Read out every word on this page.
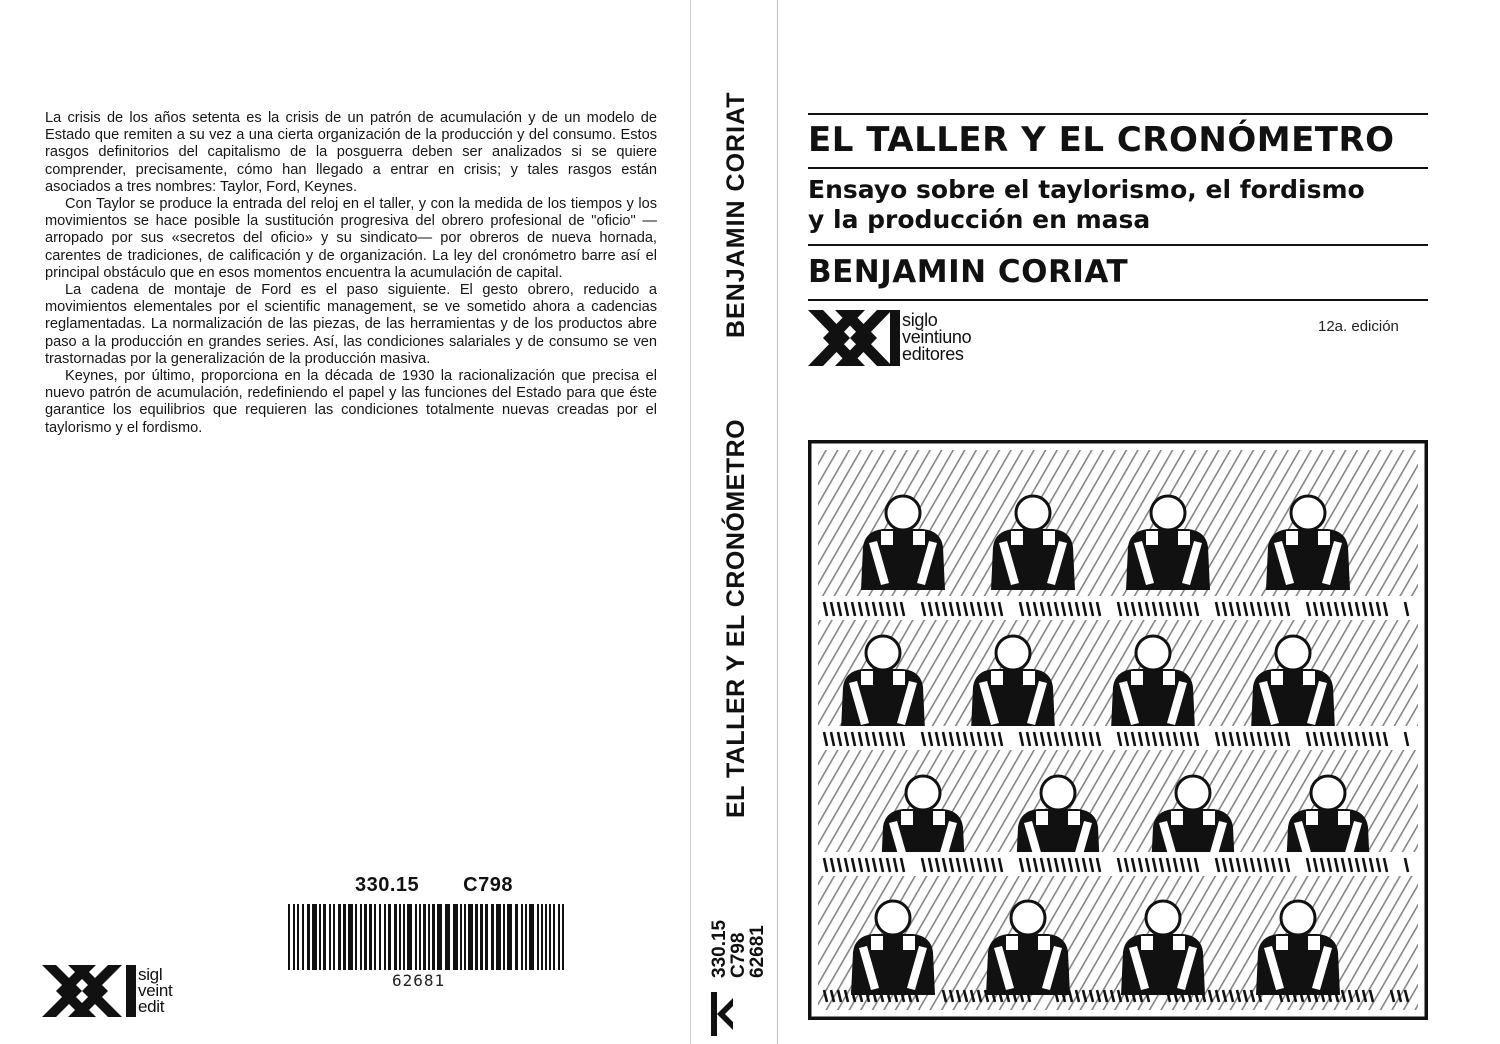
La crisis de los años setenta es la crisis de un patrón de acumulación y de un modelo de Estado que remiten a su vez a una cierta organización de la producción y del consumo. Estos rasgos definitorios del capitalismo de la posguerra deben ser analizados si se quiere comprender, precisamente, cómo han llegado a entrar en crisis; y tales rasgos están asociados a tres nombres: Taylor, Ford, Keynes.

Con Taylor se produce la entrada del reloj en el taller, y con la medida de los tiempos y los movimientos se hace posible la sustitución progresiva del obrero profesional de "oficio" —arropado por sus «secretos del oficio» y su sindicato— por obreros de nueva hornada, carentes de tradiciones, de calificación y de organización. La ley del cronómetro barre así el principal obstáculo que en esos momentos encuentra la acumulación de capital.

La cadena de montaje de Ford es el paso siguiente. El gesto obrero, reducido a movimientos elementales por el scientific management, se ve sometido ahora a cadencias reglamentadas. La normalización de las piezas, de las herramientas y de los productos abre paso a la producción en grandes series. Así, las condiciones salariales y de consumo se ven trastornadas por la generalización de la producción masiva.

Keynes, por último, proporciona en la década de 1930 la racionalización que precisa el nuevo patrón de acumulación, redefiniendo el papel y las funciones del Estado para que éste garantice los equilibrios que requieren las condiciones totalmente nuevas creadas por el taylorismo y el fordismo.

330.15 C798
62681
sigl
veint
edit
BENJAMIN CORIAT
EL TALLER Y EL CRONÓMETRO
330.15
C798
62681
EL TALLER Y EL CRONÓMETRO
Ensayo sobre el taylorismo, el fordismo
y la producción en masa
BENJAMIN CORIAT
siglo
veintiuno
editores
12a. edición
